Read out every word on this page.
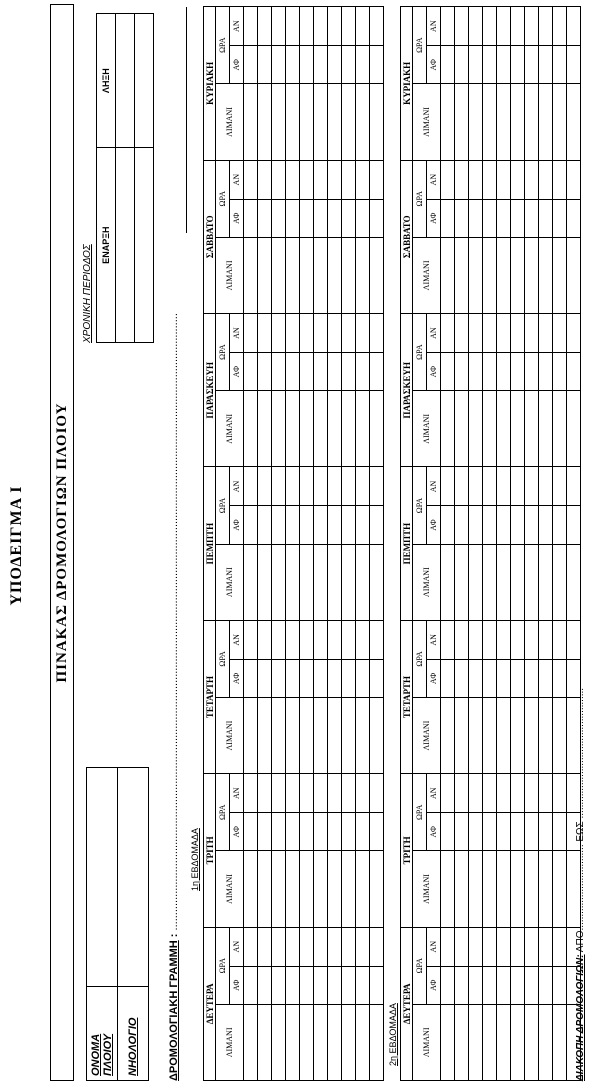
ΥΠΟΔΕΙΓΜΑ Ι ΠΙΝΑΚΑΣ ΔΡΟΜΟΛΟΓΙΩΝ ΠΛΟΙΟΥ
ΟΝΟΜΑ ΠΛΟΙΟΥ	
ΝΗΟΛΟΓΙΟ	
ΧΡΟΝΙΚΗ ΠΕΡΙΟΔΟΣ ΕΝΑΡΞΗ	ΛΗΞΗ

ΔΡΟΜΟΛΟΓΙΑΚΗ ΓΡΑΜΜΗ : .......................................................................................................................................................................................................... 1η ΕΒΔΟΜΑΔΑ
ΔΕΥΤΕΡΑ			ΤΡΙΤΗ			ΤΕΤΑΡΤΗ			ΠΕΜΠΤΗ			ΠΑΡΑΣΚΕΥΗ			ΣΑΒΒΑΤΟ			ΚΥΡΙΑΚΗ		
ΛΙΜΑΝΙ	ΩΡΑ		ΛΙΜΑΝΙ	ΩΡΑ		ΛΙΜΑΝΙ	ΩΡΑ		ΛΙΜΑΝΙ	ΩΡΑ		ΛΙΜΑΝΙ	ΩΡΑ		ΛΙΜΑΝΙ	ΩΡΑ		ΛΙΜΑΝΙ	ΩΡΑ	
	ΑΦ	ΑΝ		ΑΦ	ΑΝ		ΑΦ	ΑΝ		ΑΦ	ΑΝ		ΑΦ	ΑΝ		ΑΦ	ΑΝ		ΑΦ	ΑΝ

2η ΕΒΔΟΜΑΔΑ ΔΕΥΤΕΡΑ			ΤΡΙΤΗ			ΤΕΤΑΡΤΗ			ΠΕΜΠΤΗ			ΠΑΡΑΣΚΕΥΗ			ΣΑΒΒΑΤΟ			ΚΥΡΙΑΚΗ		
ΛΙΜΑΝΙ	ΩΡΑ		ΛΙΜΑΝΙ	ΩΡΑ		ΛΙΜΑΝΙ	ΩΡΑ		ΛΙΜΑΝΙ	ΩΡΑ		ΛΙΜΑΝΙ	ΩΡΑ		ΛΙΜΑΝΙ	ΩΡΑ		ΛΙΜΑΝΙ	ΩΡΑ	
	ΑΦ	ΑΝ		ΑΦ	ΑΝ		ΑΦ	ΑΝ		ΑΦ	ΑΝ		ΑΦ	ΑΝ		ΑΦ	ΑΝ		ΑΦ	ΑΝ

ΔΙΑΚΟΠΗ ΔΡΟΜΟΛΟΓΙΩΝ: ΑΠΟ............................... ΕΩΣ ...............................................
